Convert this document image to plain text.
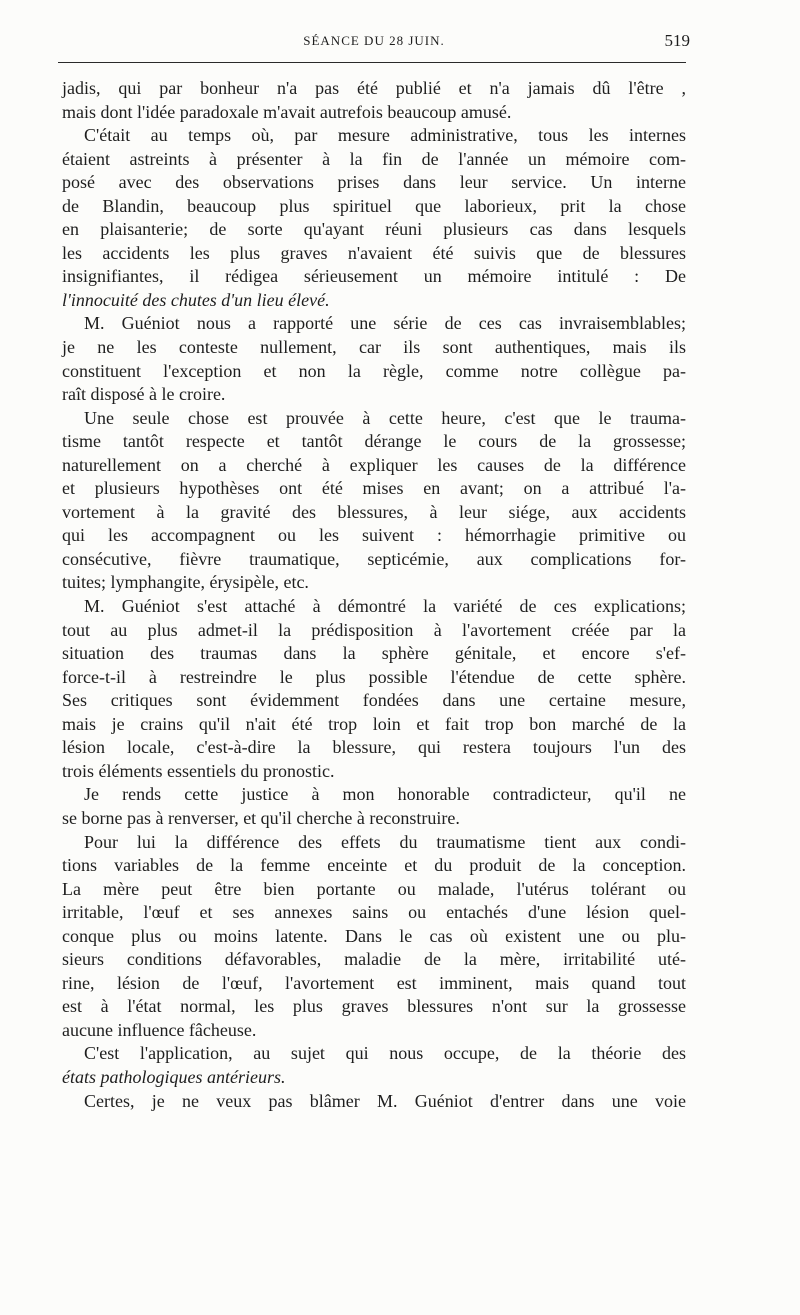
SÉANCE DU 28 JUIN.	519
jadis, qui par bonheur n'a pas été publié et n'a jamais dû l'être ,
mais dont l'idée paradoxale m'avait autrefois beaucoup amusé.
C'était au temps où, par mesure administrative, tous les internes
étaient astreints à présenter à la fin de l'année un mémoire com-
posé avec des observations prises dans leur service. Un interne
de Blandin, beaucoup plus spirituel que laborieux, prit la chose
en plaisanterie; de sorte qu'ayant réuni plusieurs cas dans lesquels
les accidents les plus graves n'avaient été suivis que de blessures
insignifiantes, il rédigea sérieusement un mémoire intitulé : De
l'innocuité des chutes d'un lieu élevé.
M. Guéniot nous a rapporté une série de ces cas invraisemblables;
je ne les conteste nullement, car ils sont authentiques, mais ils
constituent l'exception et non la règle, comme notre collègue pa-
raît disposé à le croire.
Une seule chose est prouvée à cette heure, c'est que le trauma-
tisme tantôt respecte et tantôt dérange le cours de la grossesse;
naturellement on a cherché à expliquer les causes de la différence
et plusieurs hypothèses ont été mises en avant; on a attribué l'a-
vortement à la gravité des blessures, à leur siége, aux accidents
qui les accompagnent ou les suivent : hémorrhagie primitive ou
consécutive, fièvre traumatique, septicémie, aux complications for-
tuites; lymphangite, érysipèle, etc.
M. Guéniot s'est attaché à démontré la variété de ces explications;
tout au plus admet-il la prédisposition à l'avortement créée par la
situation des traumas dans la sphère génitale, et encore s'ef-
force-t-il à restreindre le plus possible l'étendue de cette sphère.
Ses critiques sont évidemment fondées dans une certaine mesure,
mais je crains qu'il n'ait été trop loin et fait trop bon marché de la
lésion locale, c'est-à-dire la blessure, qui restera toujours l'un des
trois éléments essentiels du pronostic.
Je rends cette justice à mon honorable contradicteur, qu'il ne
se borne pas à renverser, et qu'il cherche à reconstruire.
Pour lui la différence des effets du traumatisme tient aux condi-
tions variables de la femme enceinte et du produit de la conception.
La mère peut être bien portante ou malade, l'utérus tolérant ou
irritable, l'œuf et ses annexes sains ou entachés d'une lésion quel-
conque plus ou moins latente. Dans le cas où existent une ou plu-
sieurs conditions défavorables, maladie de la mère, irritabilité uté-
rine, lésion de l'œuf, l'avortement est imminent, mais quand tout
est à l'état normal, les plus graves blessures n'ont sur la grossesse
aucune influence fâcheuse.
C'est l'application, au sujet qui nous occupe, de la théorie des
états pathologiques antérieurs.
Certes, je ne veux pas blâmer M. Guéniot d'entrer dans une voie
